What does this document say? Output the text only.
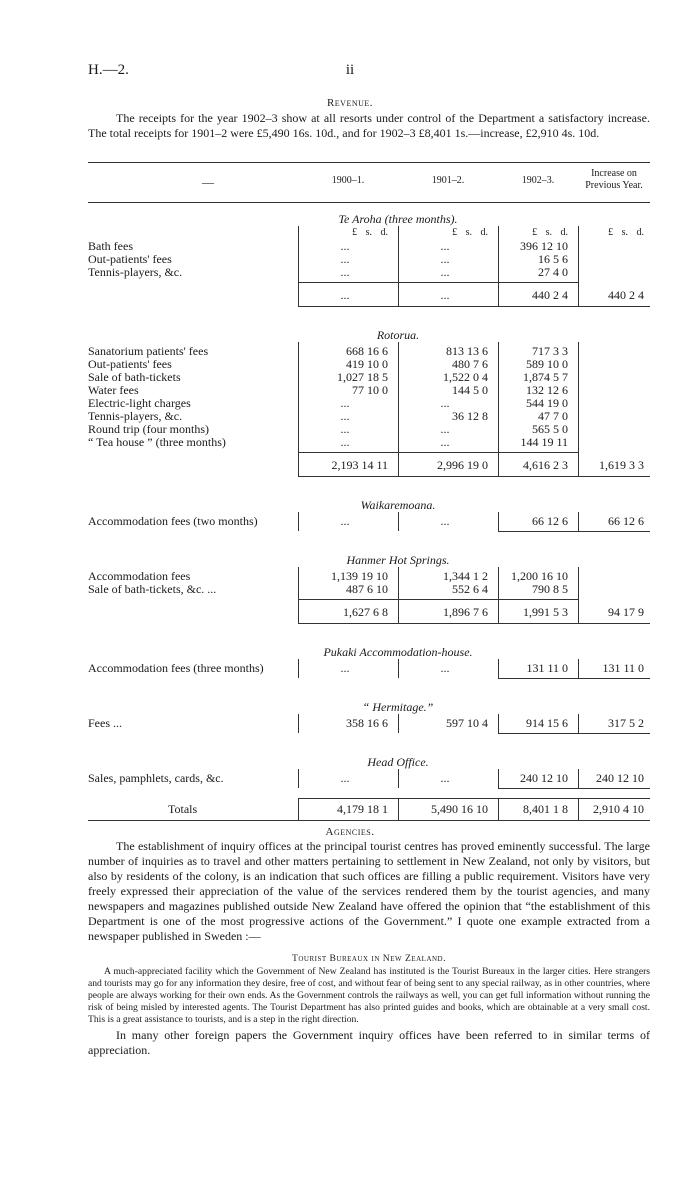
H.—2.	ii
Revenue.

The receipts for the year 1902–3 show at all resorts under control of the Department a satisfactory increase. The total receipts for 1901–2 were £5,490 16s. 10d., and for 1902–3 £8,401 1s.—increase, £2,910 4s. 10d.

—	1900–1.	1901–2.	1902–3.
Increase on Previous Year.
Te Aroha (three months).
£ s. d.	£ s. d.	£ s. d.	£ s. d.
Bath fees	...	...	396 12 10
Out-patients' fees	...	...	16 5 6
Tennis-players, &c.	...	...	27 4 0
...	...	440 2 4	440 2 4
Rotorua.
Sanatorium patients' fees	668 16 6	813 13 6	717 3 3
Out-patients' fees	419 10 0	480 7 6	589 10 0
Sale of bath-tickets	1,027 18 5	1,522 0 4	1,874 5 7
Water fees	77 10 0	144 5 0	132 12 6
Electric-light charges	...	...	544 19 0
Tennis-players, &c.	...	36 12 8	47 7 0
Round trip (four months)	...	...	565 5 0
“ Tea house ” (three months)	...	...	144 19 11
2,193 14 11	2,996 19 0	4,616 2 3	1,619 3 3
Waikaremoana.
Accommodation fees (two months)	...	...	66 12 6	66 12 6
Hanmer Hot Springs.
Accommodation fees	1,139 19 10	1,344 1 2	1,200 16 10
Sale of bath-tickets, &c. ...	487 6 10	552 6 4	790 8 5
1,627 6 8	1,896 7 6	1,991 5 3	94 17 9
Pukaki Accommodation-house.
Accommodation fees (three months)	...	...	131 11 0	131 11 0
“ Hermitage.”
Fees ...	358 16 6	597 10 4	914 15 6	317 5 2
Head Office.
Sales, pamphlets, cards, &c.	...	...	240 12 10	240 12 10
Totals	4,179 18 1	5,490 16 10	8,401 1 8	2,910 4 10
Agencies.

The establishment of inquiry offices at the principal tourist centres has proved eminently successful. The large number of inquiries as to travel and other matters pertaining to settlement in New Zealand, not only by visitors, but also by residents of the colony, is an indication that such offices are filling a public requirement. Visitors have very freely expressed their appreciation of the value of the services rendered them by the tourist agencies, and many newspapers and magazines published outside New Zealand have offered the opinion that “the establishment of this Department is one of the most progressive actions of the Government.” I quote one example extracted from a newspaper published in Sweden :—

Tourist Bureaux in New Zealand.

A much-appreciated facility which the Government of New Zealand has instituted is the Tourist Bureaux in the larger cities. Here strangers and tourists may go for any information they desire, free of cost, and without fear of being sent to any special railway, as in other countries, where people are always working for their own ends. As the Government controls the railways as well, you can get full information without running the risk of being misled by interested agents. The Tourist Department has also printed guides and books, which are obtainable at a very small cost. This is a great assistance to tourists, and is a step in the right direction.

In many other foreign papers the Government inquiry offices have been referred to in similar terms of appreciation.
